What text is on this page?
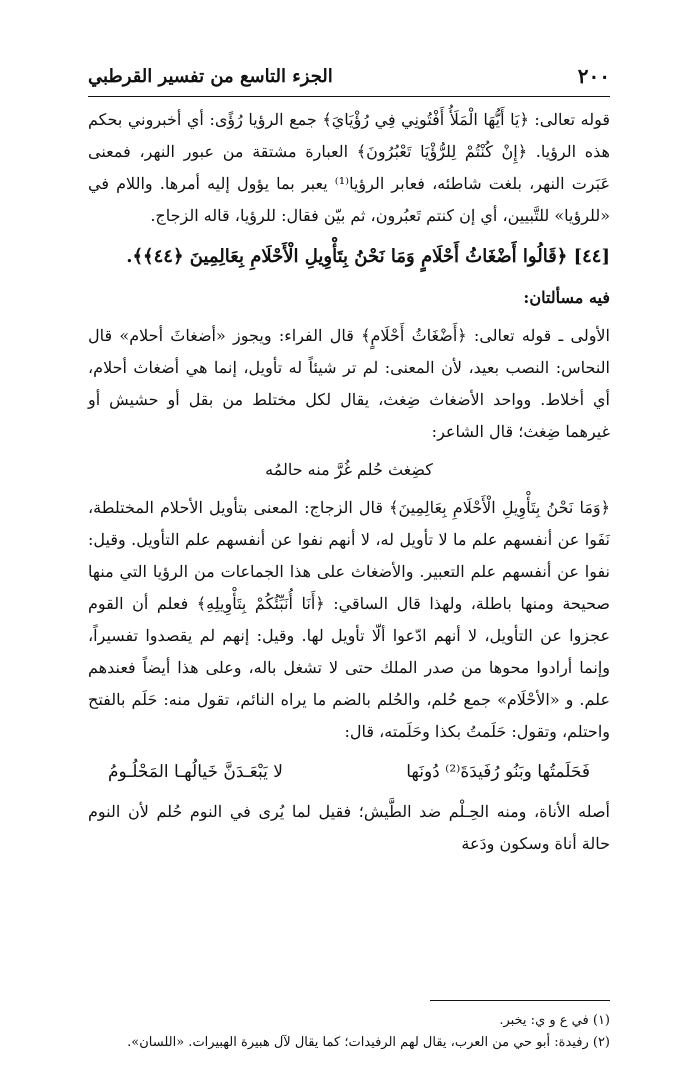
٢٠٠
الجزء التاسع من تفسير القرطبي

قوله تعالى: ﴿يَا أَيُّهَا الْمَلَأُ أَفْتُونِي فِي رُؤْيَايَ﴾ جمع الرؤيا رُؤًى: أي أخبروني بحكم هذه الرؤيا. ﴿إِنْ كُنْتُمْ لِلرُّؤْيَا تَعْبُرُونَ﴾ العبارة مشتقة من عبور النهر، فمعنى عَبَرت النهر، بلغت شاطئه، فعابر الرؤيا⁽¹⁾ يعبر بما يؤول إليه أمرها. واللام في «للرؤيا» للتَّبيين، أي إن كنتم تَعبُرون، ثم بيّن فقال: للرؤيا، قاله الزجاج.

[٤٤] ﴿قَالُوا أَضْغَاثُ أَحْلَامٍ وَمَا نَحْنُ بِتَأْوِيلِ الْأَحْلَامِ بِعَالِمِينَ ﴿٤٤﴾﴾.

فيه مسألتان:

الأولى ـ قوله تعالى: ﴿أَضْغَاثُ أَحْلَامٍ﴾ قال الفراء: ويجوز «أضغاثَ أحلام» قال النحاس: النصب بعيد، لأن المعنى: لم تر شيئاً له تأويل، إنما هي أضغاث أحلام، أي أخلاط. وواحد الأضغاث ضِغث، يقال لكل مختلط من بقل أو حشيش أو غيرهما ضِغث؛ قال الشاعر:

كضِغث حُلم غُرَّ منه حالمُه

﴿وَمَا نَحْنُ بِتَأْوِيلِ الْأَحْلَامِ بِعَالِمِينَ﴾ قال الزجاج: المعنى بتأويل الأحلام المختلطة، نَفَوا عن أنفسهم علم ما لا تأويل له، لا أنهم نفوا عن أنفسهم علم التأويل. وقيل: نفوا عن أنفسهم علم التعبير. والأضغاث على هذا الجماعات من الرؤيا التي منها صحيحة ومنها باطلة، ولهذا قال الساقي: ﴿أَنَا أُنَبِّئُكُمْ بِتَأْوِيلِهِ﴾ فعلم أن القوم عجزوا عن التأويل، لا أنهم ادّعوا ألّا تأويل لها. وقيل: إنهم لم يقصدوا تفسيراً، وإنما أرادوا محوها من صدر الملك حتى لا تشغل باله، وعلى هذا أيضاً فعندهم علم. و «الأحْلَام» جمع حُلم، والحُلم بالضم ما يراه النائم، تقول منه: حَلَم بالفتح واحتلم، وتقول: حَلَمتُ بكذا وحَلَمته، قال:

فَحَلَمتُها وبَنُو رُفَيدَةَ⁽²⁾ دُونَها
لا يَبْعَـدَنَّ خَيالُهـا المَحْلُـومُ

أصله الأناة، ومنه الحِـلْم ضد الطَّيش؛ فقيل لما يُرى في النوم حُلم لأن النوم حالة أناة وسكون ودَعة

(١) في ع و ي: يخبر.

(٢) رفيدة: أبو حي من العرب، يقال لهم الرفيدات؛ كما يقال لآل هبيرة الهبيرات. «اللسان».
